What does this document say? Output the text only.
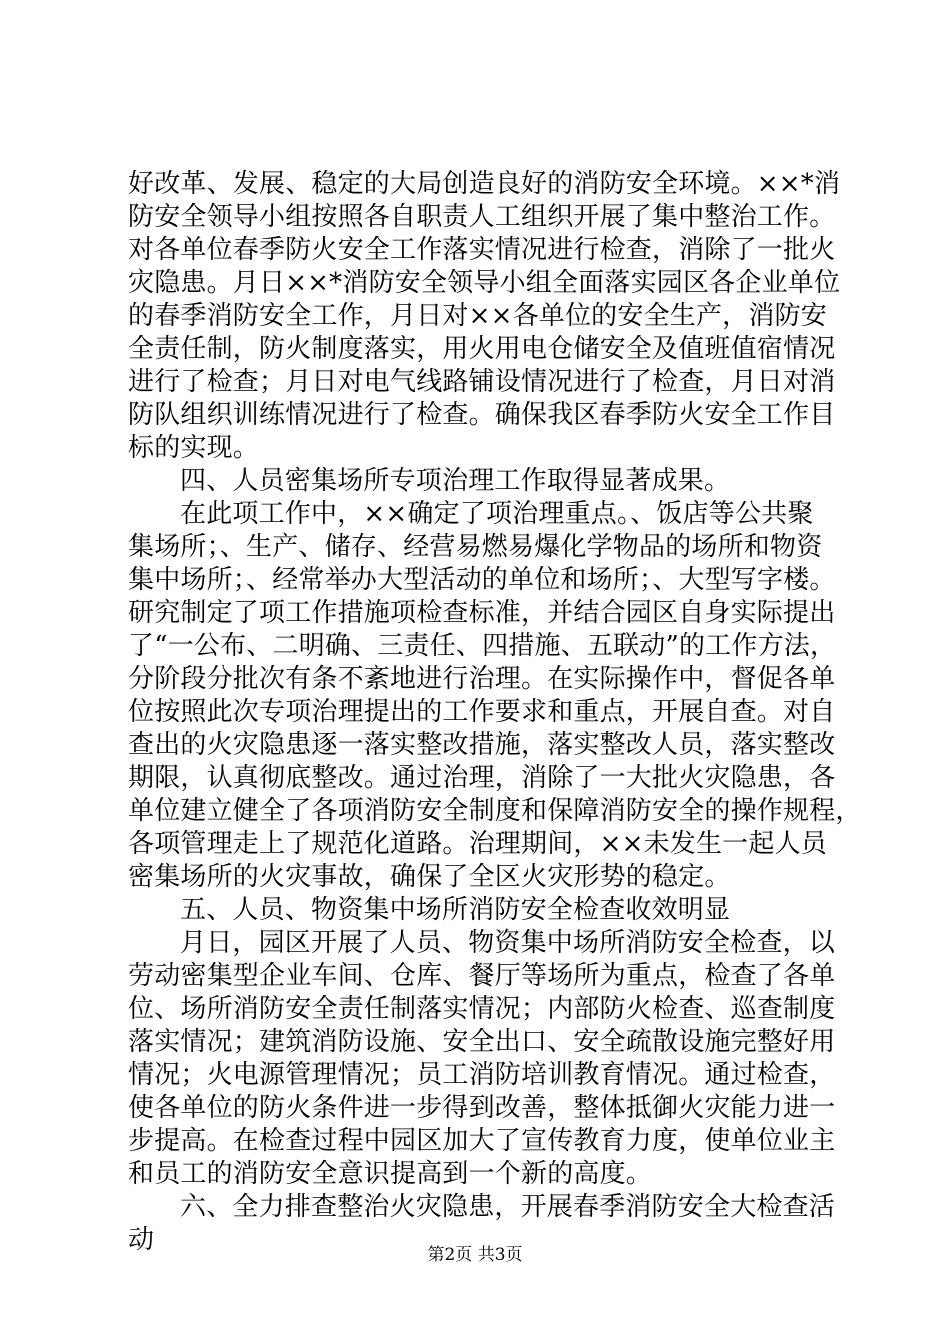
好改革、发展、稳定的大局创造良好的消防安全环境。××*消
防安全领导小组按照各自职责人工组织开展了集中整治工作。
对各单位春季防火安全工作落实情况进行检查，消除了一批火
灾隐患。月日××*消防安全领导小组全面落实园区各企业单位
的春季消防安全工作，月日对××各单位的安全生产，消防安
全责任制，防火制度落实，用火用电仓储安全及值班值宿情况
进行了检查；月日对电气线路铺设情况进行了检查，月日对消
防队组织训练情况进行了检查。确保我区春季防火安全工作目
标的实现。
四、人员密集场所专项治理工作取得显著成果。
在此项工作中，××确定了项治理重点。、饭店等公共聚
集场所；、生产、储存、经营易燃易爆化学物品的场所和物资
集中场所；、经常举办大型活动的单位和场所；、大型写字楼。
研究制定了项工作措施项检查标准，并结合园区自身实际提出
了“一公布、二明确、三责任、四措施、五联动”的工作方法，
分阶段分批次有条不紊地进行治理。在实际操作中，督促各单
位按照此次专项治理提出的工作要求和重点，开展自查。对自
查出的火灾隐患逐一落实整改措施，落实整改人员，落实整改
期限，认真彻底整改。通过治理，消除了一大批火灾隐患，各
单位建立健全了各项消防安全制度和保障消防安全的操作规程，
各项管理走上了规范化道路。治理期间，××未发生一起人员
密集场所的火灾事故，确保了全区火灾形势的稳定。
五、人员、物资集中场所消防安全检查收效明显
月日，园区开展了人员、物资集中场所消防安全检查，以
劳动密集型企业车间、仓库、餐厅等场所为重点，检查了各单
位、场所消防安全责任制落实情况；内部防火检查、巡查制度
落实情况；建筑消防设施、安全出口、安全疏散设施完整好用
情况；火电源管理情况；员工消防培训教育情况。通过检查，
使各单位的防火条件进一步得到改善，整体抵御火灾能力进一
步提高。在检查过程中园区加大了宣传教育力度，使单位业主
和员工的消防安全意识提高到一个新的高度。
六、全力排查整治火灾隐患，开展春季消防安全大检查活
动	第2页 共3页
